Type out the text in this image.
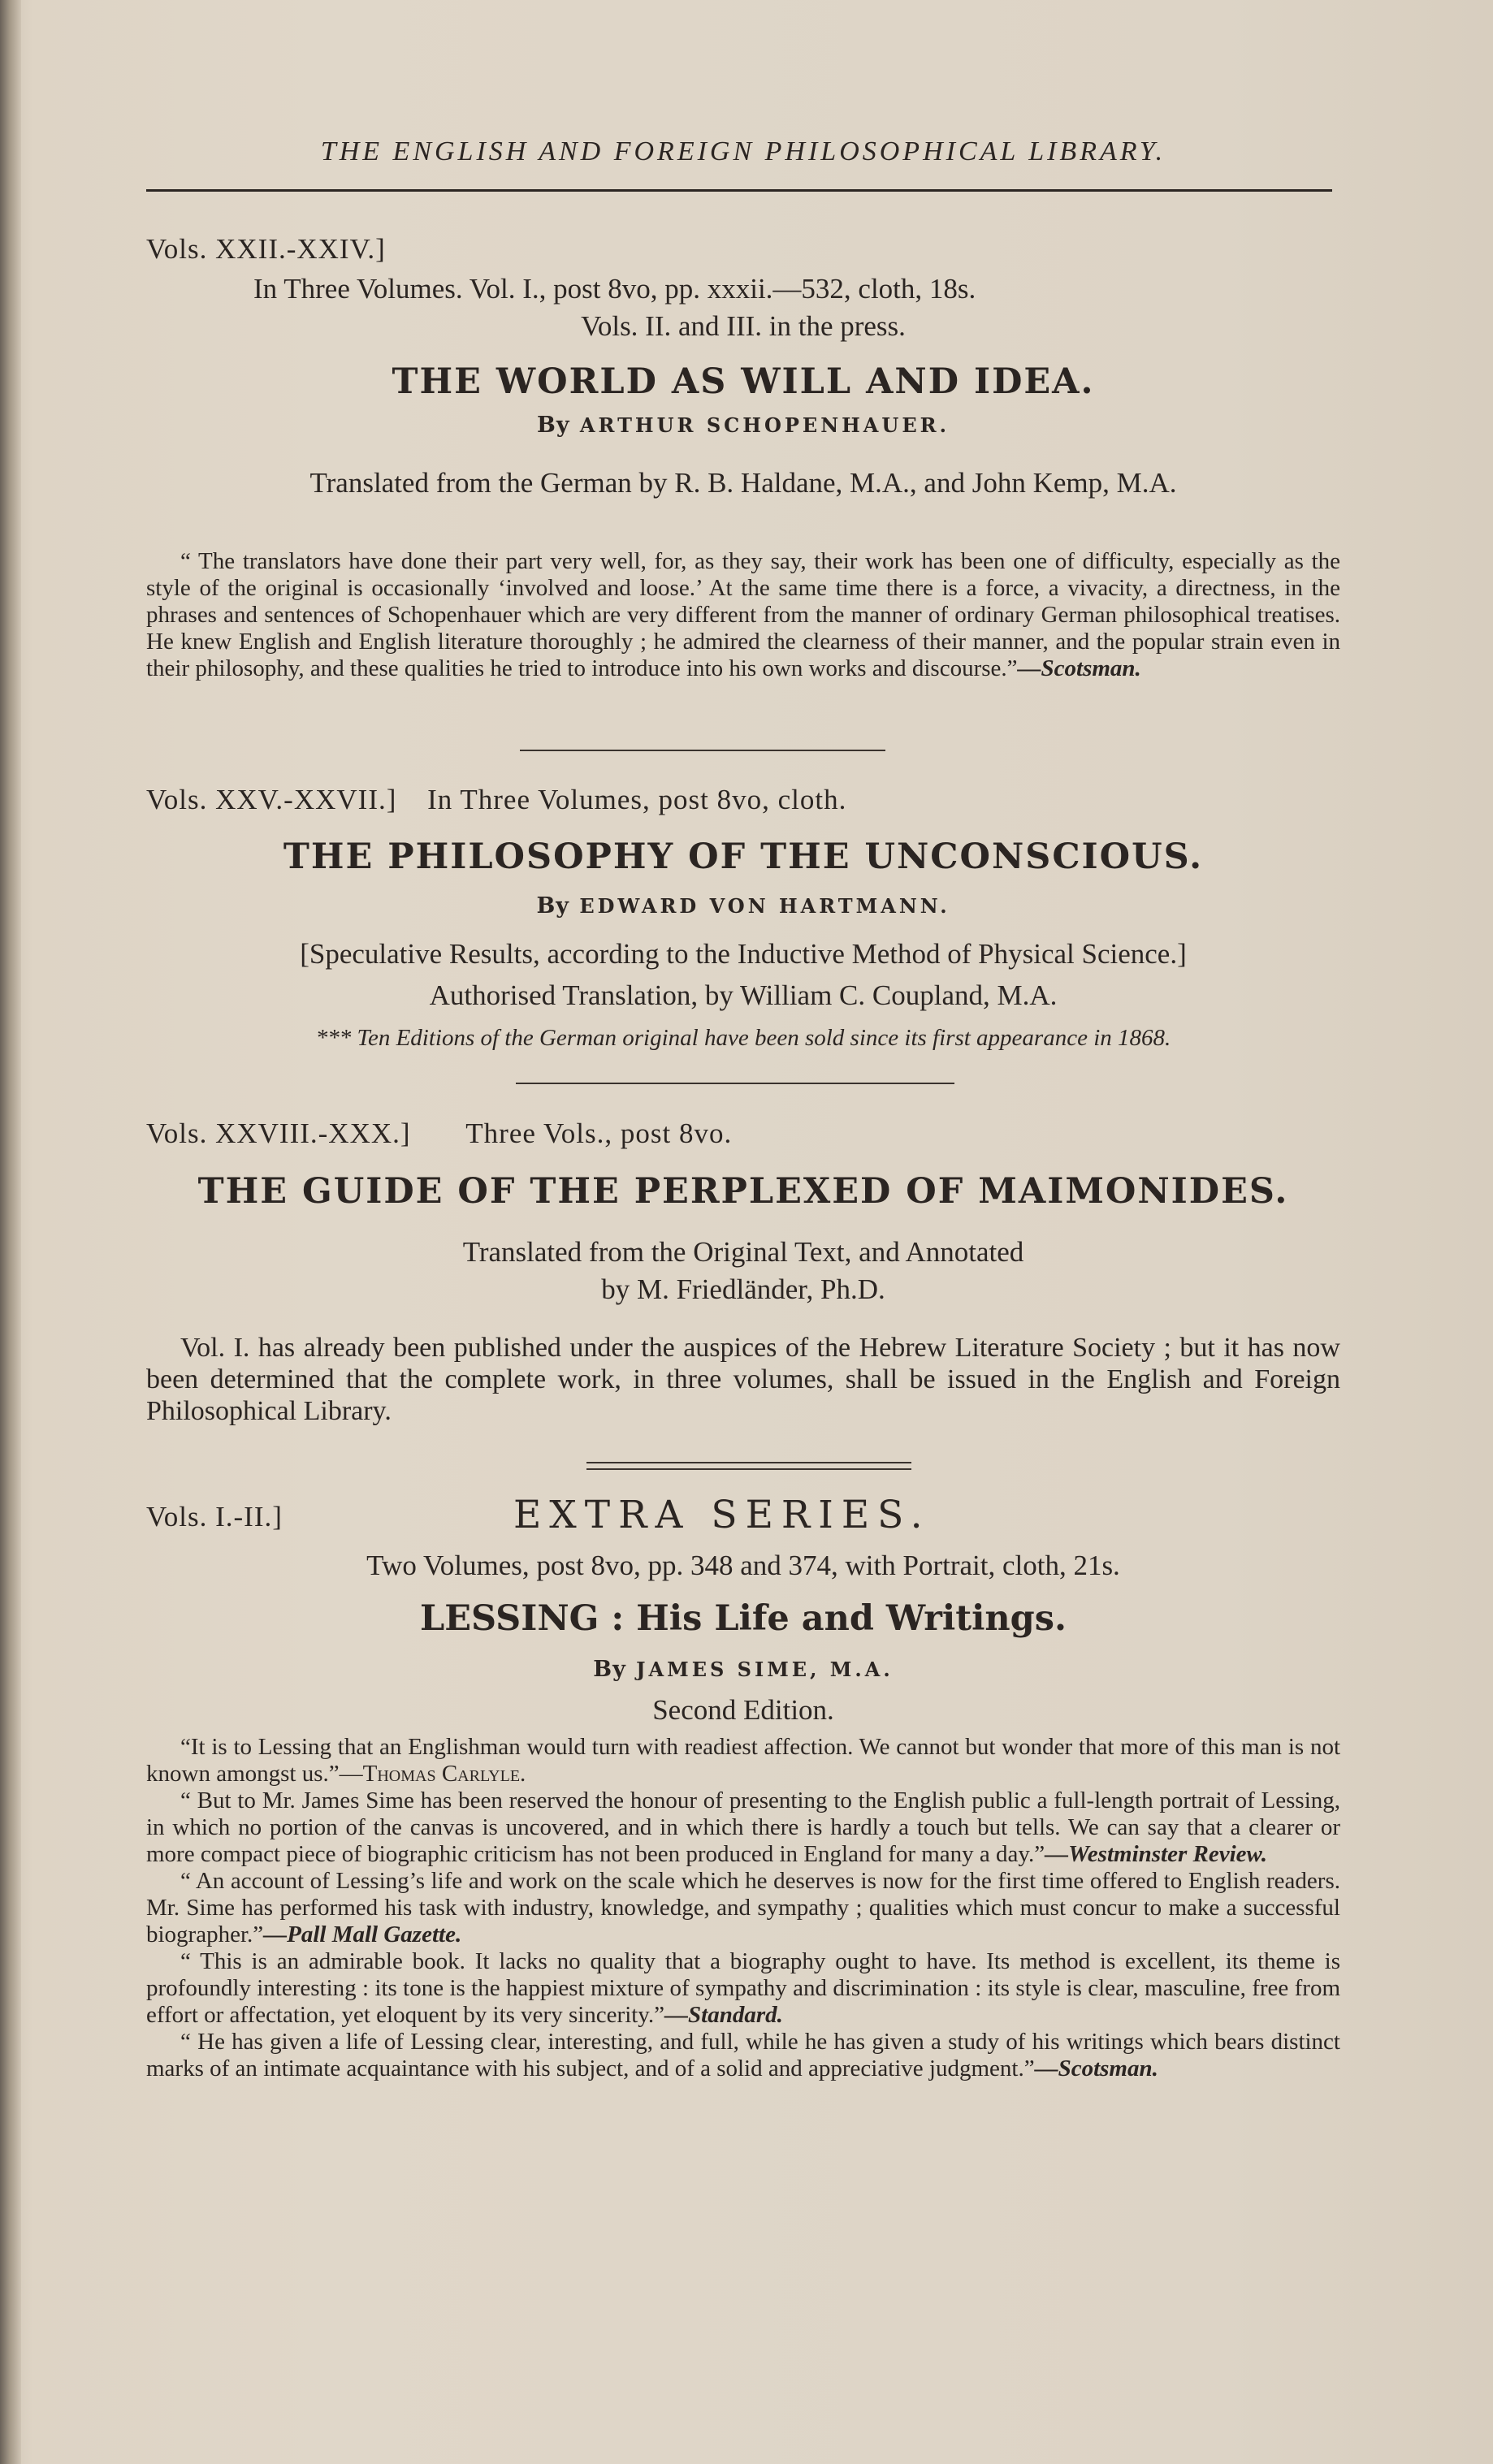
THE ENGLISH AND FOREIGN PHILOSOPHICAL LIBRARY.
Vols. XXII.-XXIV.]
In Three Volumes. Vol. I., post 8vo, pp. xxxii.—532, cloth, 18s.
Vols. II. and III. in the press.
THE WORLD AS WILL AND IDEA.
By ARTHUR SCHOPENHAUER.
Translated from the German by R. B. Haldane, M.A., and John Kemp, M.A.

“ The translators have done their part very well, for, as they say, their work has been one of difficulty, especially as the style of the original is occasionally ‘involved and loose.’ At the same time there is a force, a vivacity, a directness, in the phrases and sentences of Schopenhauer which are very different from the manner of ordinary German philosophical treatises. He knew English and English literature thoroughly ; he admired the clearness of their manner, and the popular strain even in their philosophy, and these qualities he tried to introduce into his own works and discourse.”—Scotsman.

Vols. XXV.-XXVII.] In Three Volumes, post 8vo, cloth.
THE PHILOSOPHY OF THE UNCONSCIOUS.
By EDWARD VON HARTMANN.
[Speculative Results, according to the Inductive Method of Physical Science.]
Authorised Translation, by William C. Coupland, M.A.
*** Ten Editions of the German original have been sold since its first appearance in 1868.
Vols. XXVIII.-XXX.] Three Vols., post 8vo.
THE GUIDE OF THE PERPLEXED OF MAIMONIDES.
Translated from the Original Text, and Annotated
by M. Friedländer, Ph.D.

Vol. I. has already been published under the auspices of the Hebrew Literature Society ; but it has now been determined that the complete work, in three volumes, shall be issued in the English and Foreign Philosophical Library.

Vols. I.-II.]	EXTRA SERIES.
Two Volumes, post 8vo, pp. 348 and 374, with Portrait, cloth, 21s.
LESSING : His Life and Writings.
By JAMES SIME, M.A.
Second Edition.

“It is to Lessing that an Englishman would turn with readiest affection. We cannot but wonder that more of this man is not known amongst us.”—Thomas Carlyle.

“ But to Mr. James Sime has been reserved the honour of presenting to the English public a full-length portrait of Lessing, in which no portion of the canvas is uncovered, and in which there is hardly a touch but tells. We can say that a clearer or more compact piece of biographic criticism has not been produced in England for many a day.”—Westminster Review.

“ An account of Lessing’s life and work on the scale which he deserves is now for the first time offered to English readers. Mr. Sime has performed his task with industry, knowledge, and sympathy ; qualities which must concur to make a successful biographer.”—Pall Mall Gazette.

“ This is an admirable book. It lacks no quality that a biography ought to have. Its method is excellent, its theme is profoundly interesting : its tone is the happiest mixture of sympathy and discrimination : its style is clear, masculine, free from effort or affectation, yet eloquent by its very sincerity.”—Standard.

“ He has given a life of Lessing clear, interesting, and full, while he has given a study of his writings which bears distinct marks of an intimate acquaintance with his subject, and of a solid and appreciative judgment.”—Scotsman.
